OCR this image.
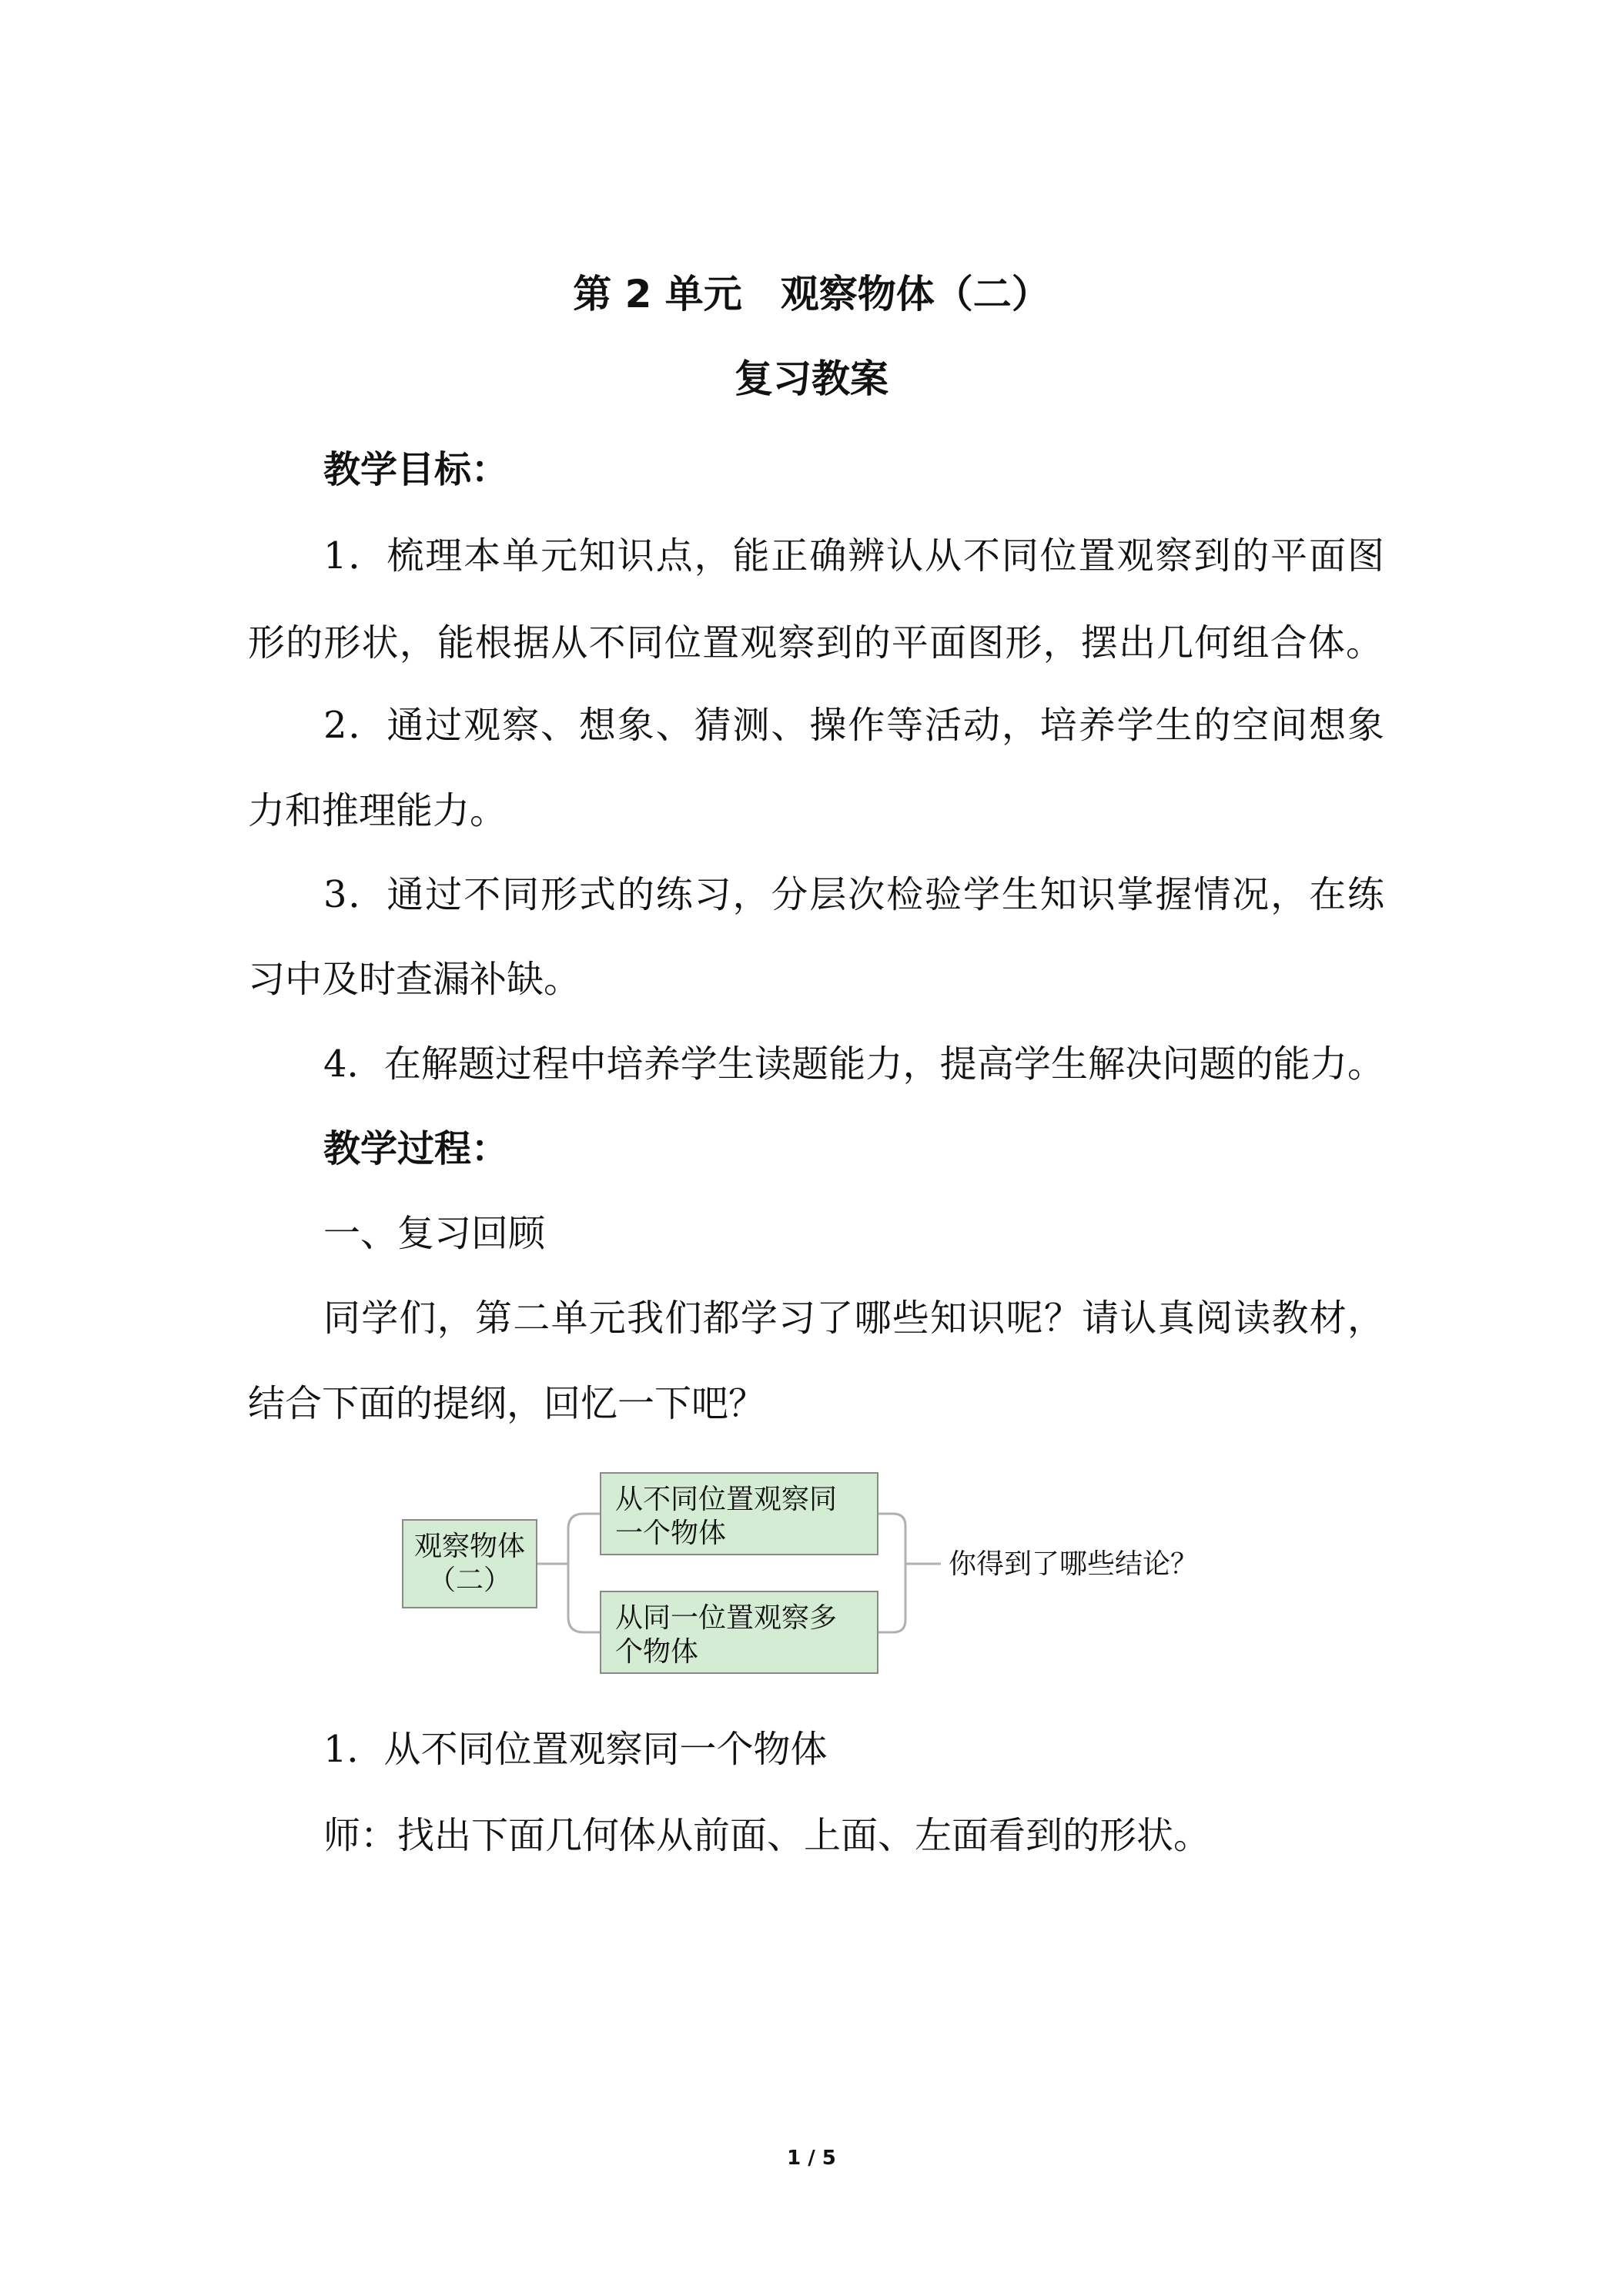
第 2 单元　观察物体（二）
复习教案
教学目标：
1．梳理本单元知识点，能正确辨认从不同位置观察到的平面图
形的形状，能根据从不同位置观察到的平面图形，摆出几何组合体。
2．通过观察、想象、猜测、操作等活动，培养学生的空间想象
力和推理能力。
3．通过不同形式的练习，分层次检验学生知识掌握情况，在练
习中及时查漏补缺。
4．在解题过程中培养学生读题能力，提高学生解决问题的能力。
教学过程：
一、复习回顾
同学们，第二单元我们都学习了哪些知识呢？请认真阅读教材，
结合下面的提纲，回忆一下吧？
观察物体
（二）
从不同位置观察同
一个物体
从同一位置观察多
个物体
你得到了哪些结论？
1．从不同位置观察同一个物体
师：找出下面几何体从前面、上面、左面看到的形状。
1 / 5
